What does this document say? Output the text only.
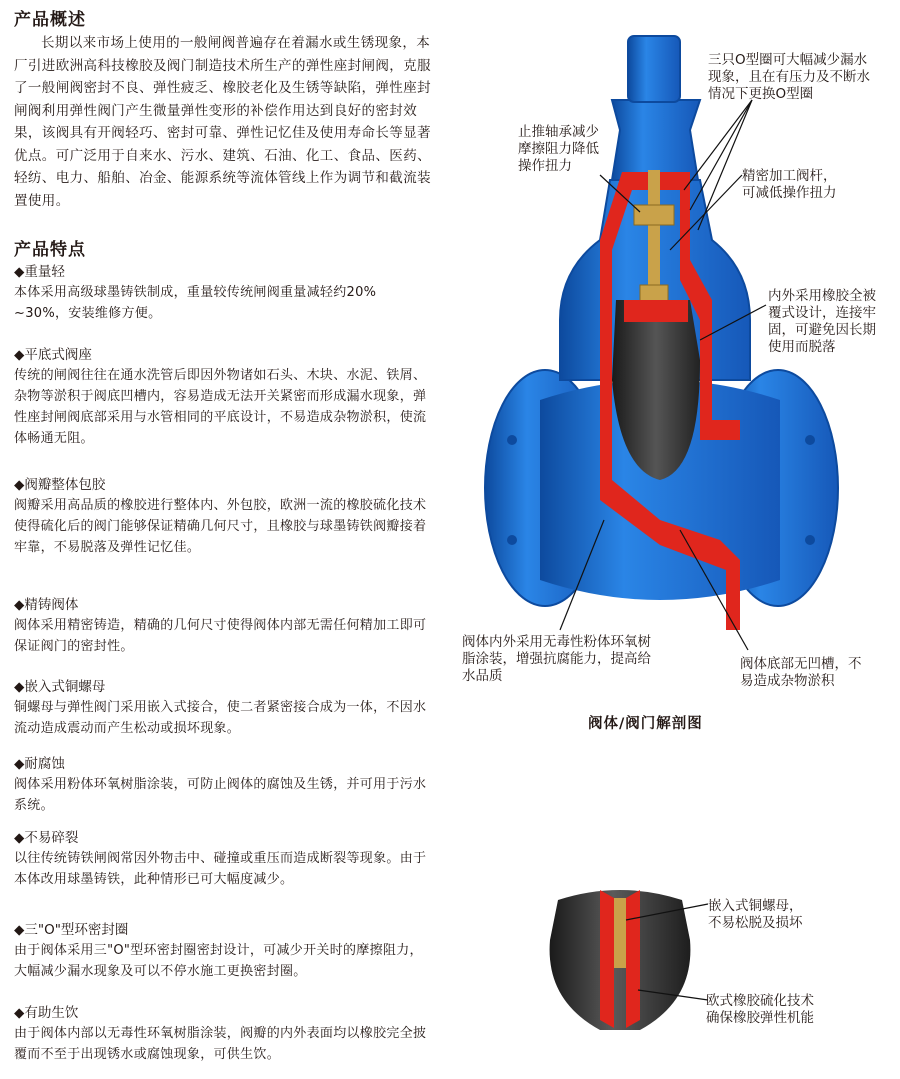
产品概述

长期以来市场上使用的一般闸阀普遍存在着漏水或生锈现象，本厂引进欧洲高科技橡胶及阀门制造技术所生产的弹性座封闸阀，克服了一般闸阀密封不良、弹性疲乏、橡胶老化及生锈等缺陷，弹性座封闸阀利用弹性阀门产生微量弹性变形的补偿作用达到良好的密封效果，该阀具有开阀轻巧、密封可靠、弹性记忆佳及使用寿命长等显著优点。可广泛用于自来水、污水、建筑、石油、化工、食品、医药、轻纺、电力、船舶、冶金、能源系统等流体管线上作为调节和截流装置使用。

产品特点

◆重量轻

本体采用高级球墨铸铁制成，重量较传统闸阀重量减轻约20% ~30%，安装维修方便。

◆平底式阀座

传统的闸阀往往在通水洗管后即因外物诸如石头、木块、水泥、铁屑、杂物等淤积于阀底凹槽内，容易造成无法开关紧密而形成漏水现象，弹性座封闸阀底部采用与水管相同的平底设计，不易造成杂物淤积，使流体畅通无阻。

◆阀瓣整体包胶

阀瓣采用高品质的橡胶进行整体内、外包胶，欧洲一流的橡胶硫化技术使得硫化后的阀门能够保证精确几何尺寸，且橡胶与球墨铸铁阀瓣接着牢靠，不易脱落及弹性记忆佳。

◆精铸阀体

阀体采用精密铸造，精确的几何尺寸使得阀体内部无需任何精加工即可保证阀门的密封性。

◆嵌入式铜螺母

铜螺母与弹性阀门采用嵌入式接合，使二者紧密接合成为一体，不因水流动造成震动而产生松动或损坏现象。

◆耐腐蚀

阀体采用粉体环氧树脂涂装，可防止阀体的腐蚀及生锈，并可用于污水系统。

◆不易碎裂

以往传统铸铁闸阀常因外物击中、碰撞或重压而造成断裂等现象。由于本体改用球墨铸铁，此种情形已可大幅度减少。

◆三"O"型环密封圈

由于阀体采用三"O"型环密封圈密封设计，可减少开关时的摩擦阻力，大幅减少漏水现象及可以不停水施工更换密封圈。

◆有助生饮

由于阀体内部以无毒性环氧树脂涂装，阀瓣的内外表面均以橡胶完全披覆而不至于出现锈水或腐蚀现象，可供生饮。

三只O型圈可大幅减少漏水
现象，且在有压力及不断水
情况下更换O型圈

止推轴承减少
摩擦阻力降低
操作扭力

精密加工阀杆，
可减低操作扭力

内外采用橡胶全被
覆式设计，连接牢
固，可避免因长期
使用而脱落

阀体内外采用无毒性粉体环氧树
脂涂装，增强抗腐能力，提高给
水品质

阀体底部无凹槽，不
易造成杂物淤积

阀体/阀门解剖图

嵌入式铜螺母，
不易松脱及损坏

欧式橡胶硫化技术
确保橡胶弹性机能
